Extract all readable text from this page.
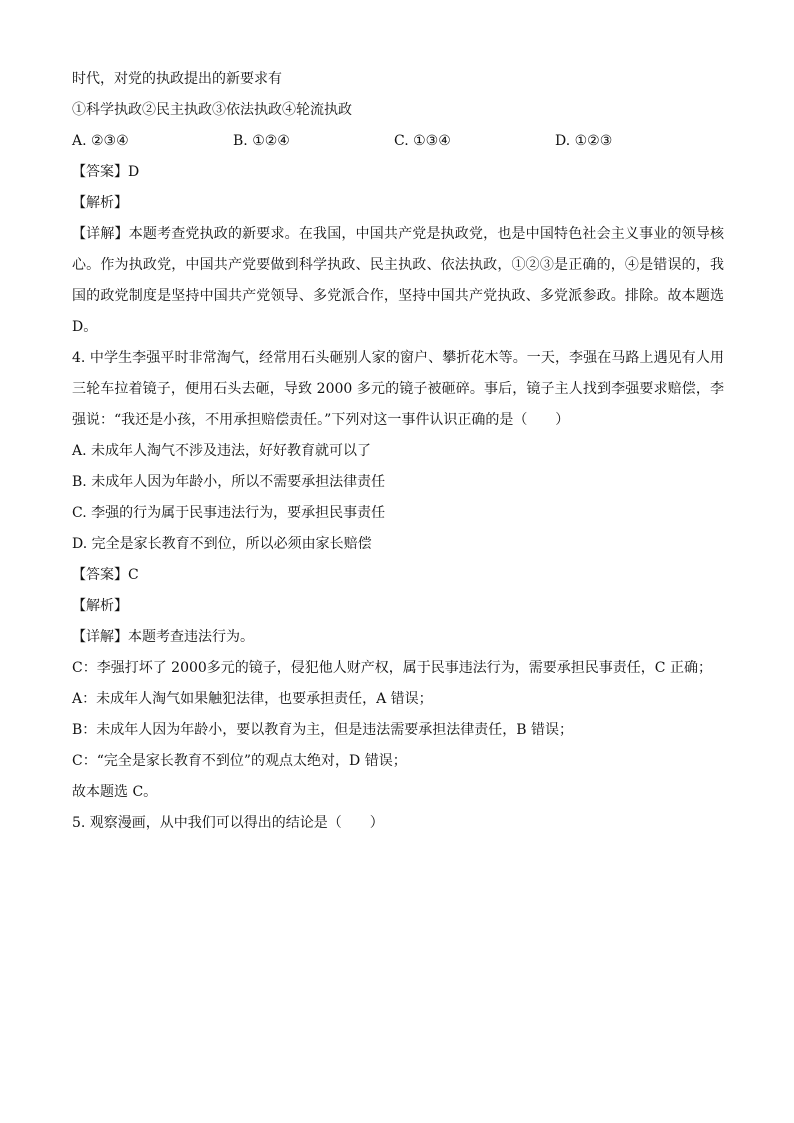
时代，对党的执政提出的新要求有
①科学执政②民主执政③依法执政④轮流执政
A. ②③④	B. ①②④	C. ①③④	D. ①②③
【答案】D
【解析】
【详解】本题考查党执政的新要求。在我国，中国共产党是执政党，也是中国特色社会主义事业的领导核心。作为执政党，中国共产党要做到科学执政、民主执政、依法执政，①②③是正确的，④是错误的，我国的政党制度是坚持中国共产党领导、多党派合作，坚持中国共产党执政、多党派参政。排除。故本题选D。
4. 中学生李强平时非常淘气，经常用石头砸别人家的窗户、攀折花木等。一天，李强在马路上遇见有人用三轮车拉着镜子，便用石头去砸，导致 2000 多元的镜子被砸碎。事后，镜子主人找到李强要求赔偿，李强说：“我还是小孩，不用承担赔偿责任。”下列对这一事件认识正确的是（　　）
A. 未成年人淘气不涉及违法，好好教育就可以了
B. 未成年人因为年龄小，所以不需要承担法律责任
C. 李强的行为属于民事违法行为，要承担民事责任
D. 完全是家长教育不到位，所以必须由家长赔偿
【答案】C
【解析】
【详解】本题考查违法行为。
C：李强打坏了 2000多元的镜子，侵犯他人财产权，属于民事违法行为，需要承担民事责任，C 正确；
A：未成年人淘气如果触犯法律，也要承担责任，A 错误；
B：未成年人因为年龄小，要以教育为主，但是违法需要承担法律责任，B 错误；
C：“完全是家长教育不到位”的观点太绝对，D 错误；
故本题选 C。
5. 观察漫画，从中我们可以得出的结论是（　　）
